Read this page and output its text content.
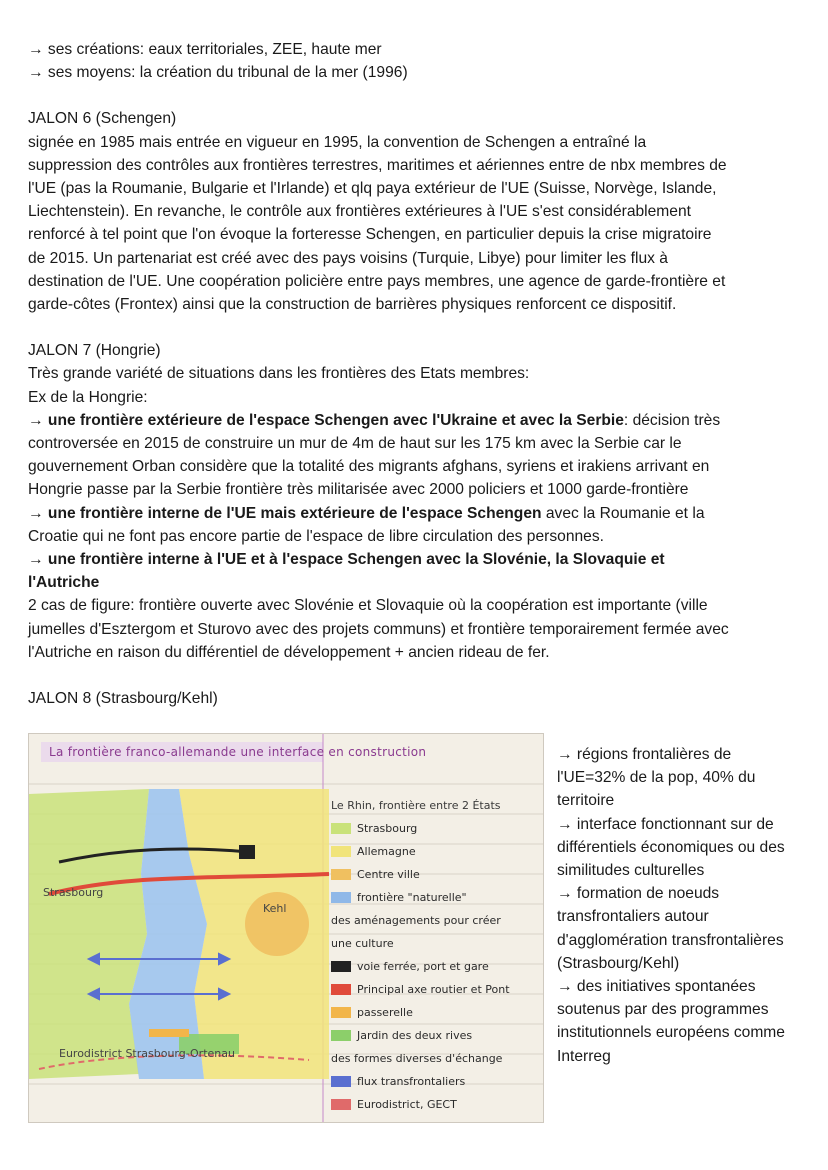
→ ses créations: eaux territoriales, ZEE, haute mer
→ ses moyens: la création du tribunal de la mer (1996)
JALON 6 (Schengen)
signée en 1985 mais entrée en vigueur en 1995, la convention de Schengen a entraîné la
suppression des contrôles aux frontières terrestres, maritimes et aériennes entre de nbx membres de
l'UE (pas la Roumanie, Bulgarie et l'Irlande) et qlq paya extérieur de l'UE (Suisse, Norvège, Islande,
Liechtenstein). En revanche, le contrôle aux frontières extérieures à l'UE s'est considérablement
renforcé à tel point que l'on évoque la forteresse Schengen, en particulier depuis la crise migratoire
de 2015. Un partenariat est créé avec des pays voisins (Turquie, Libye) pour limiter les flux à
destination de l'UE. Une coopération policière entre pays membres, une agence de garde-frontière et
garde-côtes (Frontex) ainsi que la construction de barrières physiques renforcent ce dispositif.
JALON 7 (Hongrie)
Très grande variété de situations dans les frontières des Etats membres:
Ex de la Hongrie:
→ une frontière extérieure de l'espace Schengen avec l'Ukraine et avec la Serbie: décision très
controversée en 2015 de construire un mur de 4m de haut sur les 175 km avec la Serbie car le
gouvernement Orban considère que la totalité des migrants afghans, syriens et irakiens arrivant en
Hongrie passe par la Serbie frontière très militarisée avec 2000 policiers et 1000 garde-frontière
→ une frontière interne de l'UE mais extérieure de l'espace Schengen avec la Roumanie et la
Croatie qui ne font pas encore partie de l'espace de libre circulation des personnes.
→ une frontière interne à l'UE et à l'espace Schengen avec la Slovénie, la Slovaquie et
l'Autriche
2 cas de figure: frontière ouverte avec Slovénie et Slovaquie où la coopération est importante (ville
jumelles d'Esztergom et Sturovo avec des projets communs) et frontière temporairement fermée avec
l'Autriche en raison du différentiel de développement + ancien rideau de fer.
JALON 8 (Strasbourg/Kehl)
La frontière franco-allemande une interface en construction
Strasbourg
Kehl
Eurodistrict Strasbourg-Ortenau
Le Rhin, frontière entre 2 États
Strasbourg
Allemagne
Centre ville
frontière "naturelle"
des aménagements pour créer
une culture
voie ferrée, port et gare
Principal axe routier et Pont
passerelle
Jardin des deux rives
des formes diverses d'échange
flux transfrontaliers
Eurodistrict, GECT
→ régions frontalières de
l'UE=32% de la pop, 40% du
territoire
→ interface fonctionnant sur de
différentiels économiques ou des
similitudes culturelles
→ formation de noeuds
transfrontaliers autour
d'agglomération transfrontalières
(Strasbourg/Kehl)
→ des initiatives spontanées
soutenus par des programmes
institutionnels européens comme
Interreg
